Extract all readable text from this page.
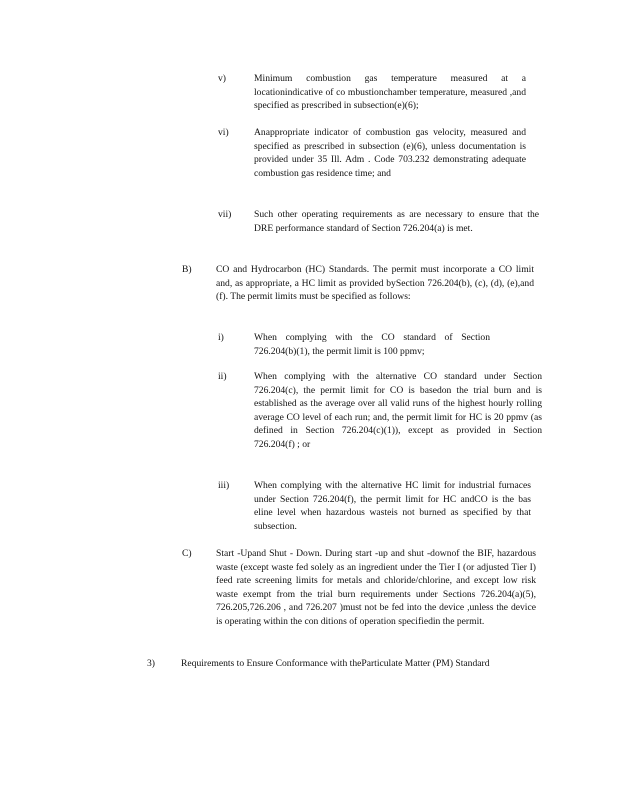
v)	Minimum combustion gas temperature measured at a locationindicative of co mbustionchamber temperature, measured ,and specified as prescribed in subsection(e)(6);

vi)	Anappropriate indicator of combustion gas velocity, measured and specified as prescribed in subsection (e)(6), unless documentation is provided under 35 Ill. Adm . Code 703.232 demonstrating adequate combustion gas residence time; and

vii) Such other operating requirements as are necessary to ensure that the DRE performance standard of Section 726.204(a) is met.

B)	CO and Hydrocarbon (HC) Standards. The permit must incorporate a CO limit and, as appropriate, a HC limit as provided bySection 726.204(b), (c), (d), (e),and (f). The permit limits must be specified as follows:

i)	When complying with the CO standard of Section 726.204(b)(1), the permit limit is 100 ppmv;

ii)	When complying with the alternative CO standard under Section 726.204(c), the permit limit for CO is basedon the trial burn and is established as the average over all valid runs of the highest hourly rolling average CO level of each run; and, the permit limit for HC is 20 ppmv (as defined in Section 726.204(c)(1)), except as provided in Section 726.204(f) ; or

iii)	When complying with the alternative HC limit for industrial furnaces under Section 726.204(f), the permit limit for HC andCO is the bas eline level when hazardous wasteis not burned as specified by that subsection.

C)	Start -Upand Shut - Down. During start -up and shut -downof the BIF, hazardous waste (except waste fed solely as an ingredient under the Tier I (or adjusted Tier I) feed rate screening limits for metals and chloride/chlorine, and except low risk waste exempt from the trial burn requirements under Sections 726.204(a)(5), 726.205,726.206 , and 726.207 )must not be fed into the device ,unless the device is operating within the con ditions of operation specifiedin the permit.

3)	Requirements to Ensure Conformance with theParticulate Matter (PM) Standard
